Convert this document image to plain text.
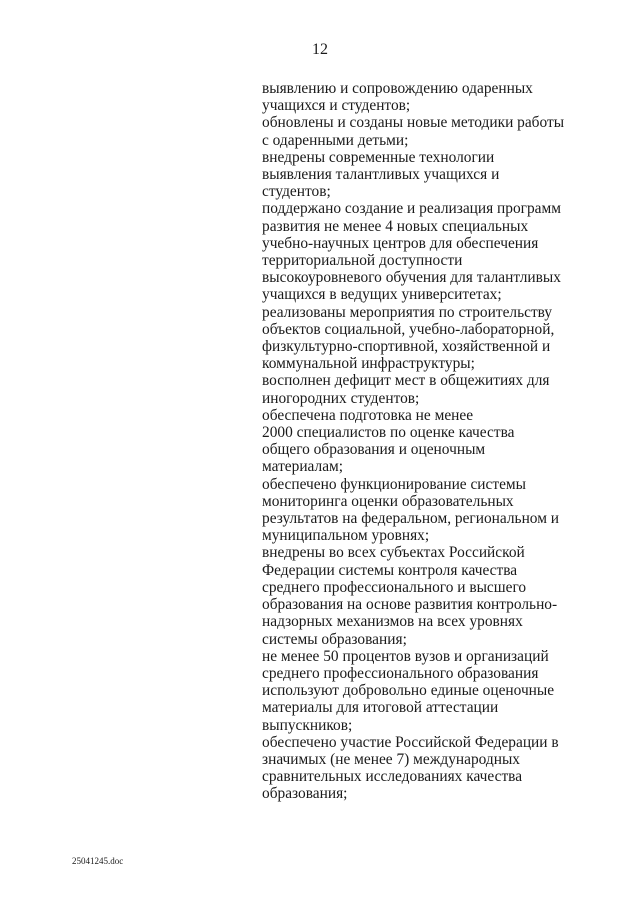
12
выявлению и сопровождению одаренных
учащихся и студентов;
обновлены и созданы новые методики работы
с одаренными детьми;
внедрены современные технологии
выявления талантливых учащихся и
студентов;
поддержано создание и реализация программ
развития не менее 4 новых специальных
учебно-научных центров для обеспечения
территориальной доступности
высокоуровневого обучения для талантливых
учащихся в ведущих университетах;
реализованы мероприятия по строительству
объектов социальной, учебно-лабораторной,
физкультурно-спортивной, хозяйственной и
коммунальной инфраструктуры;
восполнен дефицит мест в общежитиях для
иногородних студентов;
обеспечена подготовка не менее
2000 специалистов по оценке качества
общего образования и оценочным
материалам;
обеспечено функционирование системы
мониторинга оценки образовательных
результатов на федеральном, региональном и
муниципальном уровнях;
внедрены во всех субъектах Российской
Федерации системы контроля качества
среднего профессионального и высшего
образования на основе развития контрольно-
надзорных механизмов на всех уровнях
системы образования;
не менее 50 процентов вузов и организаций
среднего профессионального образования
используют добровольно единые оценочные
материалы для итоговой аттестации
выпускников;
обеспечено участие Российской Федерации в
значимых (не менее 7) международных
сравнительных исследованиях качества
образования;
25041245.doc
